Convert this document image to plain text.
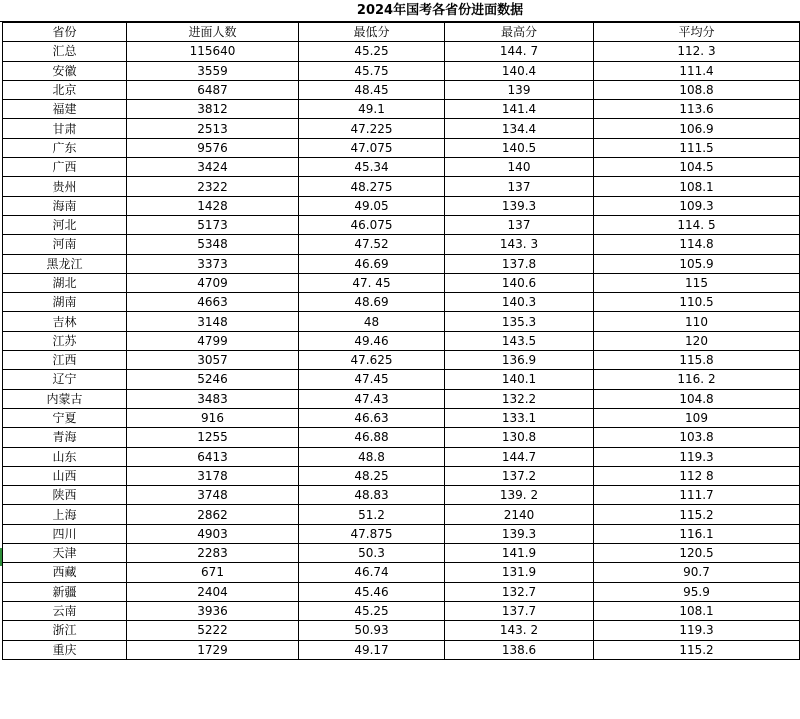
2024年国考各省份进面数据
省份	进面人数	最低分	最高分	平均分
汇总	115640	45.25	144. 7	112. 3
安徽	3559	45.75	140.4	111.4
北京	6487	48.45	139	108.8
福建	3812	49.1	141.4	113.6
甘肃	2513	47.225	134.4	106.9
广东	9576	47.075	140.5	111.5
广西	3424	45.34	140	104.5
贵州	2322	48.275	137	108.1
海南	1428	49.05	139.3	109.3
河北	5173	46.075	137	114. 5
河南	5348	47.52	143. 3	114.8
黑龙江	3373	46.69	137.8	105.9
湖北	4709	47. 45	140.6	115
湖南	4663	48.69	140.3	110.5
吉林	3148	48	135.3	110
江苏	4799	49.46	143.5	120
江西	3057	47.625	136.9	115.8
辽宁	5246	47.45	140.1	116. 2
内蒙古	3483	47.43	132.2	104.8
宁夏	916	46.63	133.1	109
青海	1255	46.88	130.8	103.8
山东	6413	48.8	144.7	119.3
山西	3178	48.25	137.2	112 8
陕西	3748	48.83	139. 2	111.7
上海	2862	51.2	2140	115.2
四川	4903	47.875	139.3	116.1
天津	2283	50.3	141.9	120.5
西藏	671	46.74	131.9	90.7
新疆	2404	45.46	132.7	95.9
云南	3936	45.25	137.7	108.1
浙江	5222	50.93	143. 2	119.3
重庆	1729	49.17	138.6	115.2
